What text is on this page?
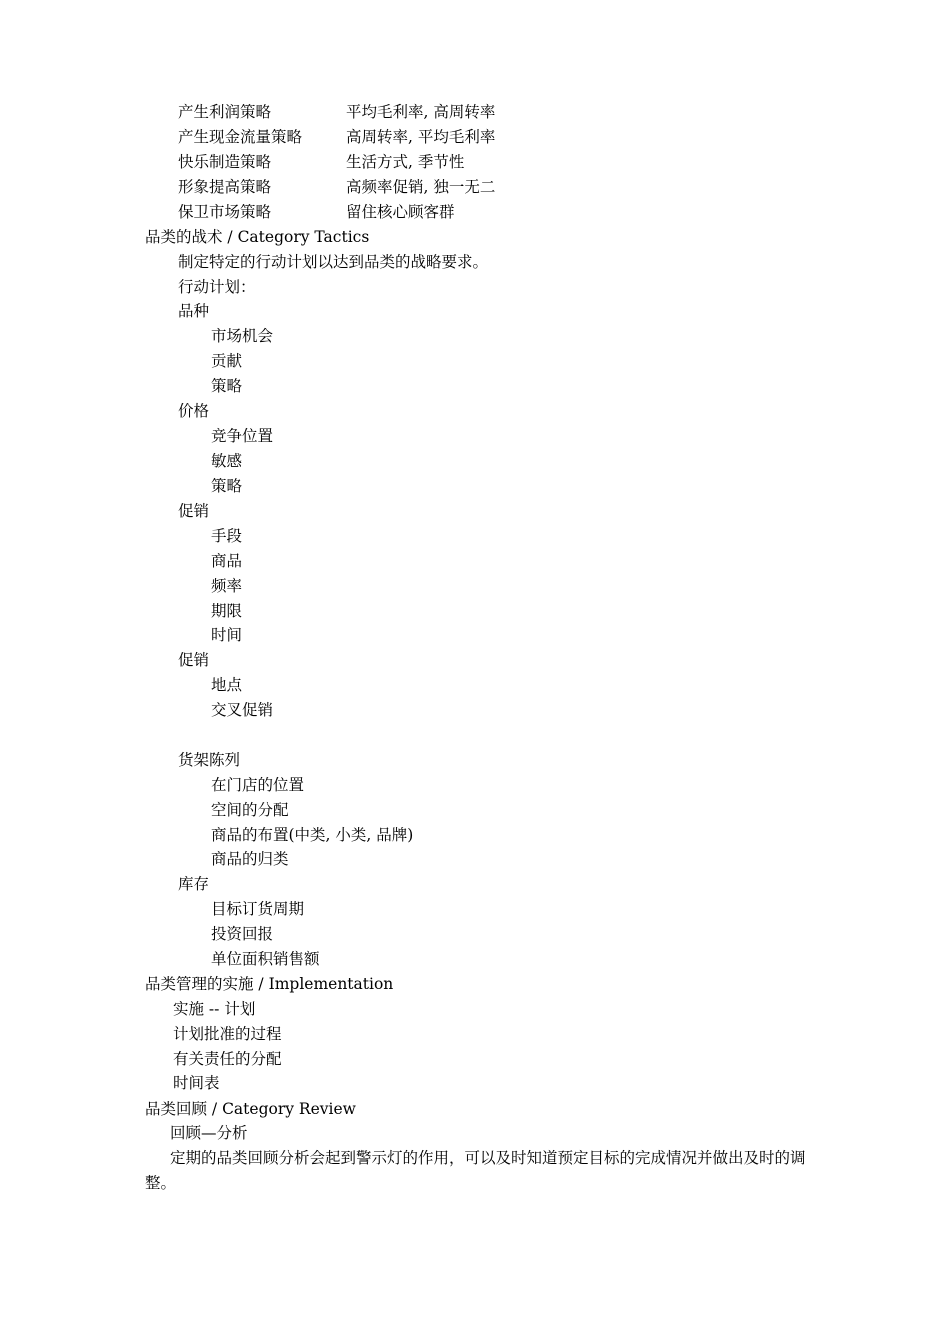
产生利润策略	平均毛利率, 高周转率
产生现金流量策略	高周转率, 平均毛利率
快乐制造策略	生活方式, 季节性
形象提高策略	高频率促销, 独一无二
保卫市场策略	留住核心顾客群
品类的战术 / Category Tactics
制定特定的行动计划以达到品类的战略要求。
行动计划：
品种
市场机会
贡献
策略
价格
竞争位置
敏感
策略
促销
手段
商品
频率
期限
时间
促销
地点
交叉促销
货架陈列
在门店的位置
空间的分配
商品的布置(中类, 小类, 品牌)
商品的归类
库存
目标订货周期
投资回报
单位面积销售额
品类管理的实施 / Implementation
实施 -- 计划
计划批准的过程
有关责任的分配
时间表
品类回顾 / Category Review
回顾—分析
定期的品类回顾分析会起到警示灯的作用，可以及时知道预定目标的完成情况并做出及时的调整。
